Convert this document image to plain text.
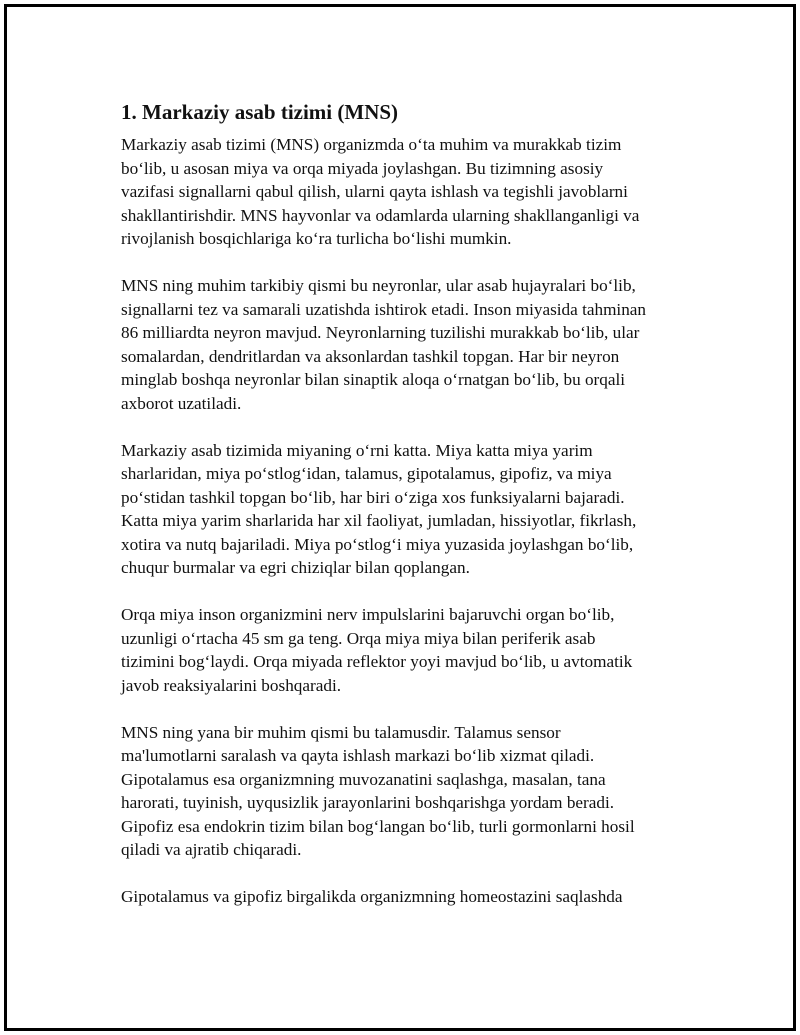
1. Markaziy asab tizimi (MNS)

Markaziy asab tizimi (MNS) organizmda o‘ta muhim va murakkab tizim
bo‘lib, u asosan miya va orqa miyada joylashgan. Bu tizimning asosiy
vazifasi signallarni qabul qilish, ularni qayta ishlash va tegishli javoblarni
shakllantirishdir. MNS hayvonlar va odamlarda ularning shakllanganligi va
rivojlanish bosqichlariga ko‘ra turlicha bo‘lishi mumkin.

MNS ning muhim tarkibiy qismi bu neyronlar, ular asab hujayralari bo‘lib,
signallarni tez va samarali uzatishda ishtirok etadi. Inson miyasida tahminan
86 milliardta neyron mavjud. Neyronlarning tuzilishi murakkab bo‘lib, ular
somalardan, dendritlardan va aksonlardan tashkil topgan. Har bir neyron
minglab boshqa neyronlar bilan sinaptik aloqa o‘rnatgan bo‘lib, bu orqali
axborot uzatiladi.

Markaziy asab tizimida miyaning o‘rni katta. Miya katta miya yarim
sharlaridan, miya po‘stlog‘idan, talamus, gipotalamus, gipofiz, va miya
po‘stidan tashkil topgan bo‘lib, har biri o‘ziga xos funksiyalarni bajaradi.
Katta miya yarim sharlarida har xil faoliyat, jumladan, hissiyotlar, fikrlash,
xotira va nutq bajariladi. Miya po‘stlog‘i miya yuzasida joylashgan bo‘lib,
chuqur burmalar va egri chiziqlar bilan qoplangan.

Orqa miya inson organizmini nerv impulslarini bajaruvchi organ bo‘lib,
uzunligi o‘rtacha 45 sm ga teng. Orqa miya miya bilan periferik asab
tizimini bog‘laydi. Orqa miyada reflektor yoyi mavjud bo‘lib, u avtomatik
javob reaksiyalarini boshqaradi.

MNS ning yana bir muhim qismi bu talamusdir. Talamus sensor
ma'lumotlarni saralash va qayta ishlash markazi bo‘lib xizmat qiladi.
Gipotalamus esa organizmning muvozanatini saqlashga, masalan, tana
harorati, tuyinish, uyqusizlik jarayonlarini boshqarishga yordam beradi.
Gipofiz esa endokrin tizim bilan bog‘langan bo‘lib, turli gormonlarni hosil
qiladi va ajratib chiqaradi.

Gipotalamus va gipofiz birgalikda organizmning homeostazini saqlashda
